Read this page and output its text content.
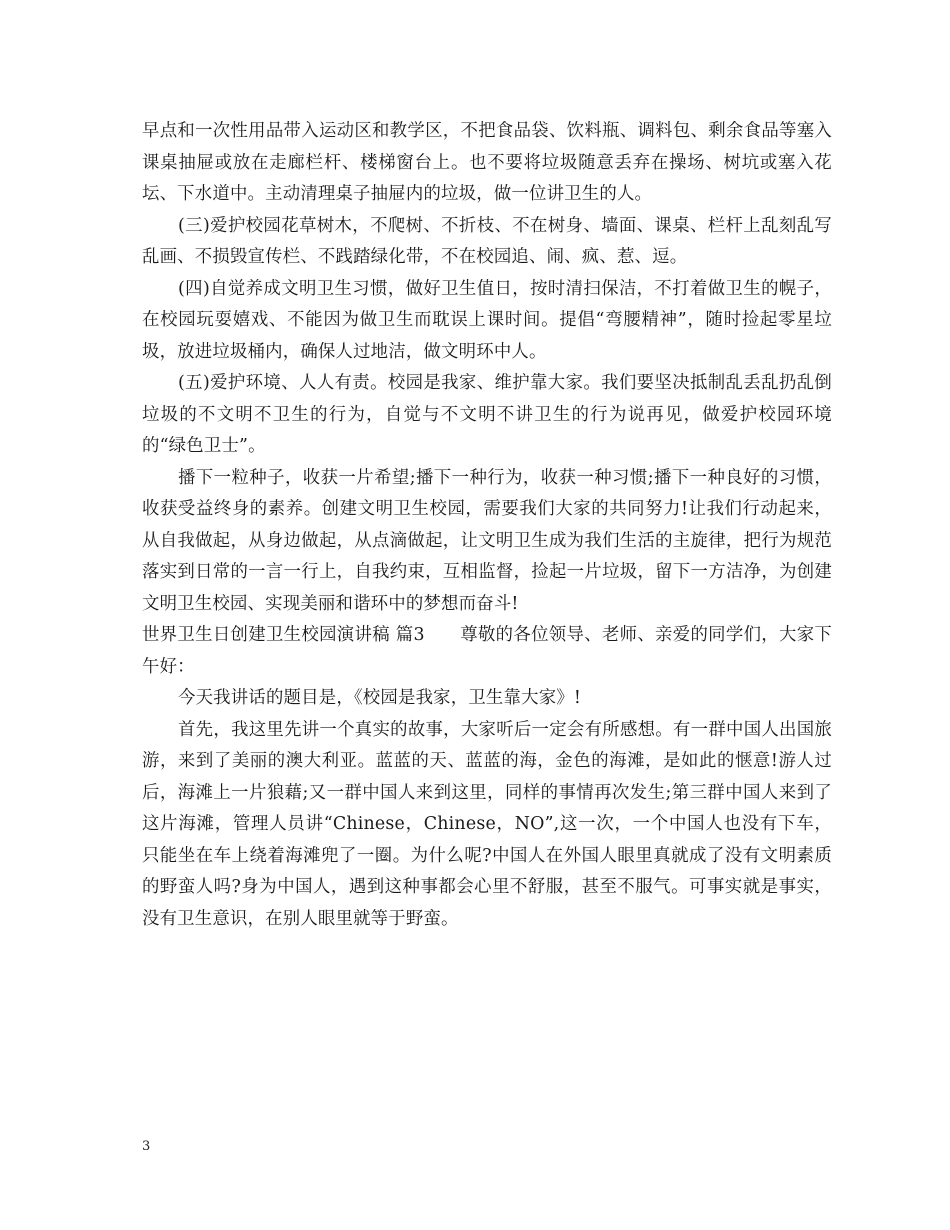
早点和一次性用品带入运动区和教学区，不把食品袋、饮料瓶、调料包、剩余食品等塞入课桌抽屉或放在走廊栏杆、楼梯窗台上。也不要将垃圾随意丢弃在操场、树坑或塞入花坛、下水道中。主动清理桌子抽屉内的垃圾，做一位讲卫生的人。

(三)爱护校园花草树木，不爬树、不折枝、不在树身、墙面、课桌、栏杆上乱刻乱写乱画、不损毁宣传栏、不践踏绿化带，不在校园追、闹、疯、惹、逗。

(四)自觉养成文明卫生习惯，做好卫生值日，按时清扫保洁，不打着做卫生的幌子，在校园玩耍嬉戏、不能因为做卫生而耽误上课时间。提倡“弯腰精神”，随时捡起零星垃圾，放进垃圾桶内，确保人过地洁，做文明环中人。

(五)爱护环境、人人有责。校园是我家、维护靠大家。我们要坚决抵制乱丢乱扔乱倒垃圾的不文明不卫生的行为，自觉与不文明不讲卫生的行为说再见，做爱护校园环境的“绿色卫士”。

播下一粒种子，收获一片希望;播下一种行为，收获一种习惯;播下一种良好的习惯，收获受益终身的素养。创建文明卫生校园，需要我们大家的共同努力!让我们行动起来，从自我做起，从身边做起，从点滴做起，让文明卫生成为我们生活的主旋律，把行为规范落实到日常的一言一行上，自我约束，互相监督，捡起一片垃圾，留下一方洁净，为创建文明卫生校园、实现美丽和谐环中的梦想而奋斗!

世界卫生日创建卫生校园演讲稿 篇3　　尊敬的各位领导、老师、亲爱的同学们，大家下午好：

今天我讲话的题目是，《校园是我家，卫生靠大家》!

首先，我这里先讲一个真实的故事，大家听后一定会有所感想。有一群中国人出国旅游，来到了美丽的澳大利亚。蓝蓝的天、蓝蓝的海，金色的海滩，是如此的惬意!游人过后，海滩上一片狼藉;又一群中国人来到这里，同样的事情再次发生;第三群中国人来到了这片海滩，管理人员讲“Chinese，Chinese，NO”,这一次，一个中国人也没有下车，只能坐在车上绕着海滩兜了一圈。为什么呢?中国人在外国人眼里真就成了没有文明素质的野蛮人吗?身为中国人，遇到这种事都会心里不舒服，甚至不服气。可事实就是事实，没有卫生意识，在别人眼里就等于野蛮。

3
